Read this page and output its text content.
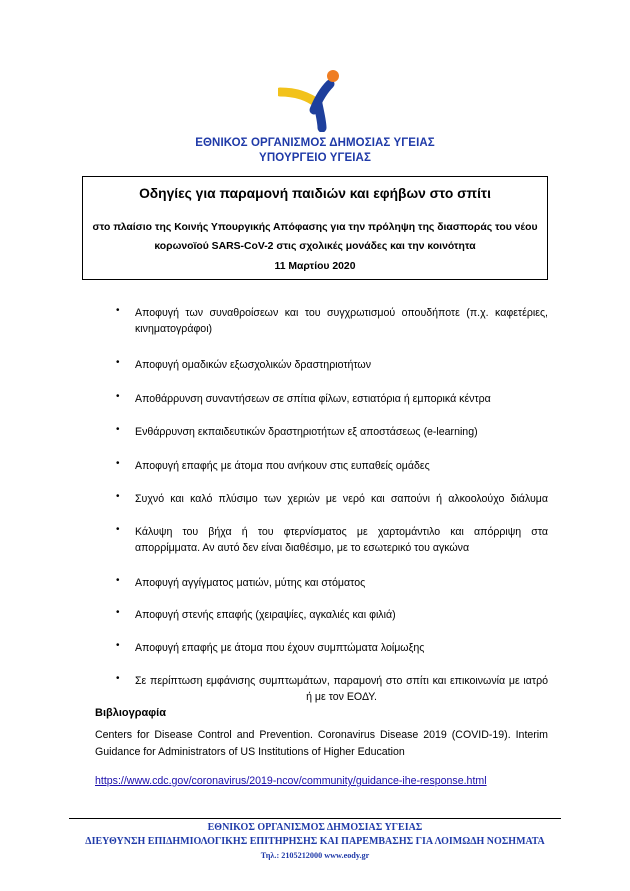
ΕΘΝΙΚΟΣ ΟΡΓΑΝΙΣΜΟΣ ΔΗΜΟΣΙΑΣ ΥΓΕΙΑΣ
ΥΠΟΥΡΓΕΙΟ ΥΓΕΙΑΣ
Οδηγίες για παραμονή παιδιών και εφήβων στο σπίτι
στο πλαίσιο της Κοινής Υπουργικής Απόφασης για την πρόληψη της διασποράς του νέου
κορωνοϊού SARS-CoV-2 στις σχολικές μονάδες και την κοινότητα
11 Μαρτίου 2020
• Αποφυγή των συναθροίσεων και του συγχρωτισμού οπουδήποτε (π.χ. καφετέριες,
κινηματογράφοι)
• Αποφυγή ομαδικών εξωσχολικών δραστηριοτήτων
• Αποθάρρυνση συναντήσεων σε σπίτια φίλων, εστιατόρια ή εμπορικά κέντρα
• Ενθάρρυνση εκπαιδευτικών δραστηριοτήτων εξ αποστάσεως (e-learning)
• Αποφυγή επαφής με άτομα που ανήκουν στις ευπαθείς ομάδες
• Συχνό και καλό πλύσιμο των χεριών με νερό και σαπούνι ή αλκοολούχο διάλυμα
• Κάλυψη του βήχα ή του φτερνίσματος με χαρτομάντιλο και απόρριψη στα
απορρίμματα. Αν αυτό δεν είναι διαθέσιμο, με το εσωτερικό του αγκώνα
• Αποφυγή αγγίγματος ματιών, μύτης και στόματος
• Αποφυγή στενής επαφής (χειραψίες, αγκαλιές και φιλιά)
• Αποφυγή επαφής με άτομα που έχουν συμπτώματα λοίμωξης
• Σε περίπτωση εμφάνισης συμπτωμάτων, παραμονή στο σπίτι και επικοινωνία με ιατρό
ή με τον ΕΟΔΥ.
Βιβλιογραφία
Centers for Disease Control and Prevention. Coronavirus Disease 2019 (COVID-19). Interim
Guidance for Administrators of US Institutions of Higher Education
https://www.cdc.gov/coronavirus/2019-ncov/community/guidance-ihe-response.html
ΕΘΝΙΚΟΣ ΟΡΓΑΝΙΣΜΟΣ ΔΗΜΟΣΙΑΣ ΥΓΕΙΑΣ
ΔΙΕΥΘΥΝΣΗ ΕΠΙΔΗΜΙΟΛΟΓΙΚΗΣ ΕΠΙΤΗΡΗΣΗΣ ΚΑΙ ΠΑΡΕΜΒΑΣΗΣ ΓΙΑ ΛΟΙΜΩΔΗ ΝΟΣΗΜΑΤΑ
Τηλ.: 2105212000 www.eody.gr
